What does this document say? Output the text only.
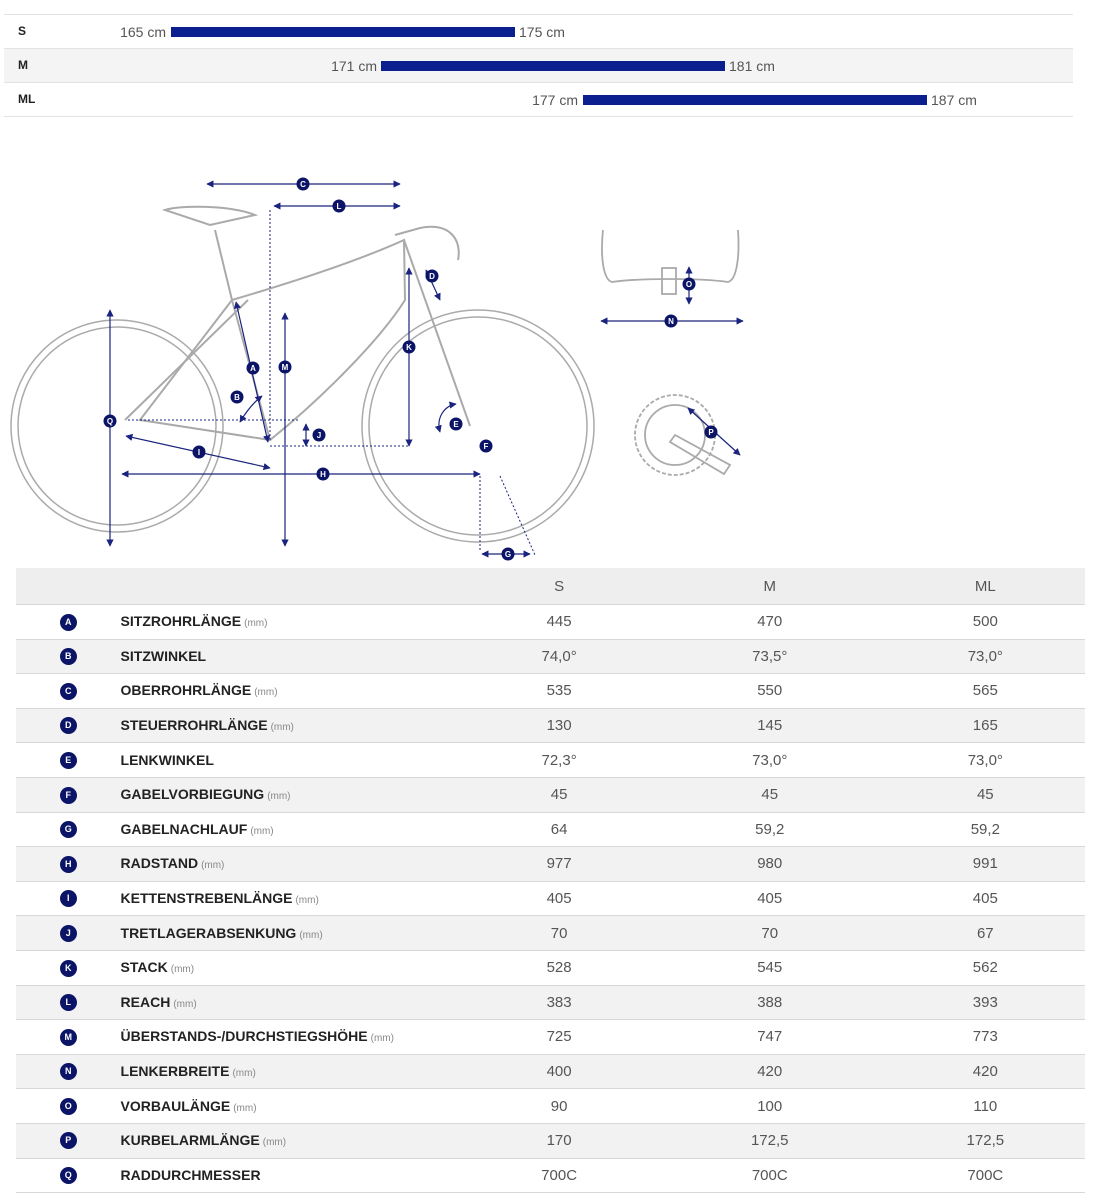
S	165 cm	175 cm
M	171 cm	181 cm
ML	177 cm	187 cm
A
B
C
D
E
F
G
H
I
J
K
L
M
N
O
P
Q
		S	M	ML
A	SITZROHRLÄNGE (mm)	445	470	500
B	SITZWINKEL	74,0°	73,5°	73,0°
C	OBERROHRLÄNGE (mm)	535	550	565
D	STEUERROHRLÄNGE (mm)	130	145	165
E	LENKWINKEL	72,3°	73,0°	73,0°
F	GABELVORBIEGUNG (mm)	45	45	45
G	GABELNACHLAUF (mm)	64	59,2	59,2
H	RADSTAND (mm)	977	980	991
I	KETTENSTREBENLÄNGE (mm)	405	405	405
J	TRETLAGERABSENKUNG (mm)	70	70	67
K	STACK (mm)	528	545	562
L	REACH (mm)	383	388	393
M	ÜBERSTANDS-/DURCHSTIEGSHÖHE (mm)	725	747	773
N	LENKERBREITE (mm)	400	420	420
O	VORBAULÄNGE (mm)	90	100	110
P	KURBELARMLÄNGE (mm)	170	172,5	172,5
Q	RADDURCHMESSER	700C	700C	700C
